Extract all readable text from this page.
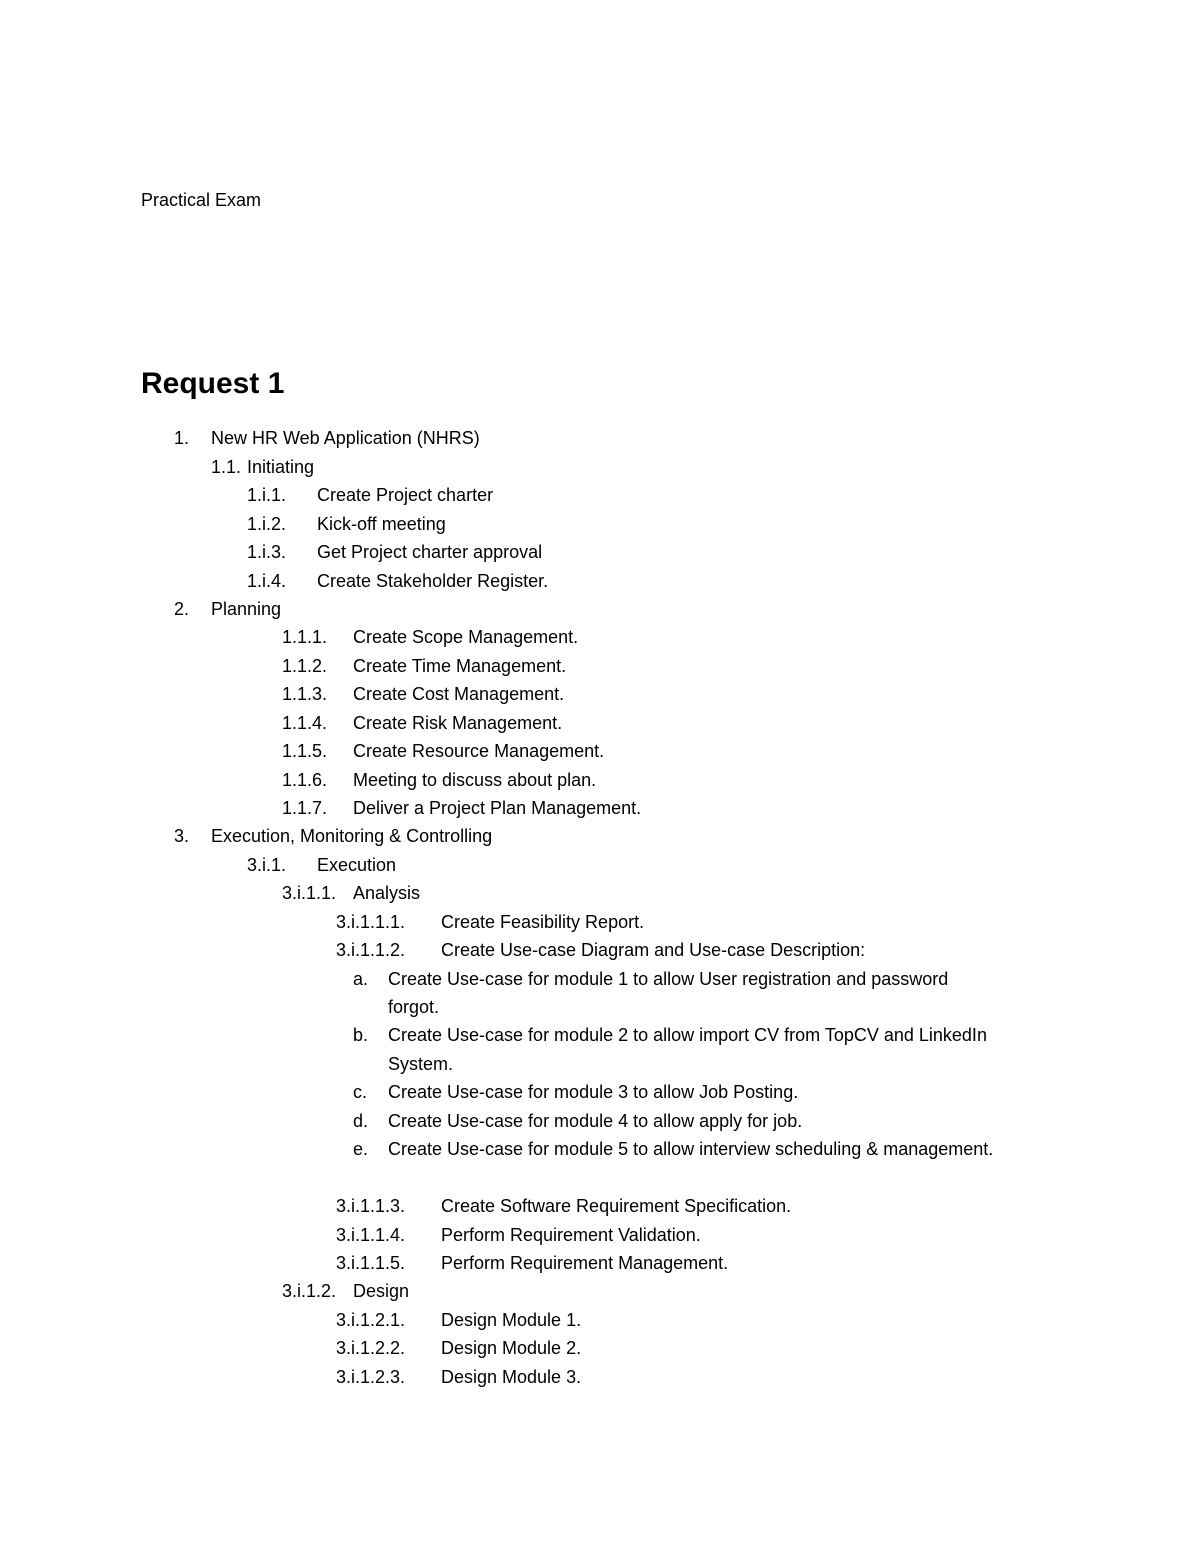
Practical Exam
Request 1
1. New HR Web Application (NHRS)
1.1. Initiating
1.i.1. Create Project charter
1.i.2. Kick-off meeting
1.i.3. Get Project charter approval
1.i.4. Create Stakeholder Register.
2. Planning
1.1.1. Create Scope Management.
1.1.2. Create Time Management.
1.1.3. Create Cost Management.
1.1.4. Create Risk Management.
1.1.5. Create Resource Management.
1.1.6. Meeting to discuss about plan.
1.1.7. Deliver a Project Plan Management.
3. Execution, Monitoring & Controlling
3.i.1. Execution
3.i.1.1. Analysis
3.i.1.1.1. Create Feasibility Report.
3.i.1.1.2. Create Use-case Diagram and Use-case Description:
a. Create Use-case for module 1 to allow User registration and password
forgot.
b. Create Use-case for module 2 to allow import CV from TopCV and LinkedIn
System.
c. Create Use-case for module 3 to allow Job Posting.
d. Create Use-case for module 4 to allow apply for job.
e. Create Use-case for module 5 to allow interview scheduling & management.
3.i.1.1.3. Create Software Requirement Specification.
3.i.1.1.4. Perform Requirement Validation.
3.i.1.1.5. Perform Requirement Management.
3.i.1.2. Design
3.i.1.2.1. Design Module 1.
3.i.1.2.2. Design Module 2.
3.i.1.2.3. Design Module 3.
